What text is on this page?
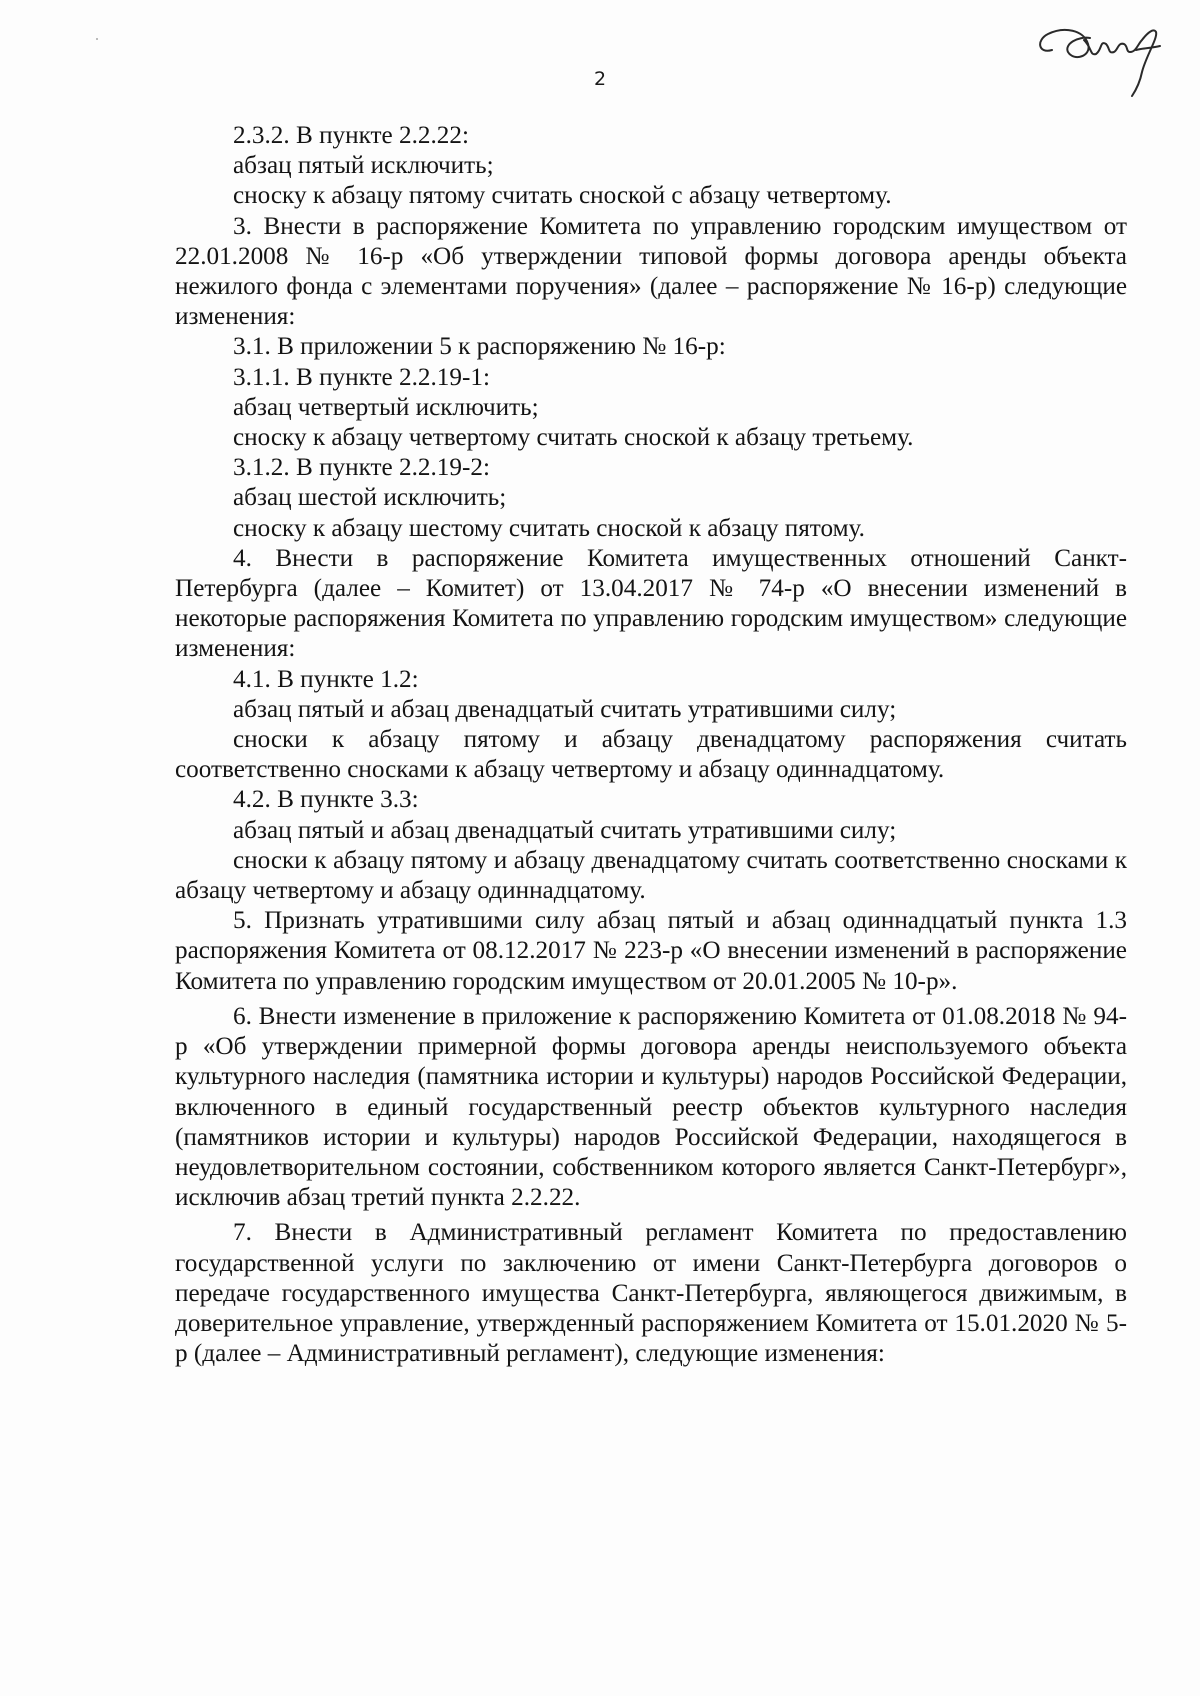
2

2.3.2. В пункте 2.2.22:

абзац пятый исключить;

сноску к абзацу пятому считать сноской с абзацу четвертому.

3. Внести в распоряжение Комитета по управлению городским имуществом от 22.01.2008 № 16-р «Об утверждении типовой формы договора аренды объекта нежилого фонда с элементами поручения» (далее – распоряжение № 16-р) следующие изменения:

3.1. В приложении 5 к распоряжению № 16-р:

3.1.1. В пункте 2.2.19-1:

абзац четвертый исключить;

сноску к абзацу четвертому считать сноской к абзацу третьему.

3.1.2. В пункте 2.2.19-2:

абзац шестой исключить;

сноску к абзацу шестому считать сноской к абзацу пятому.

4. Внести в распоряжение Комитета имущественных отношений Санкт-Петербурга (далее – Комитет) от 13.04.2017 № 74-р «О внесении изменений в некоторые распоряжения Комитета по управлению городским имуществом» следующие изменения:

4.1. В пункте 1.2:

абзац пятый и абзац двенадцатый считать утратившими силу;

сноски к абзацу пятому и абзацу двенадцатому распоряжения считать соответственно сносками к абзацу четвертому и абзацу одиннадцатому.

4.2. В пункте 3.3:

абзац пятый и абзац двенадцатый считать утратившими силу;

сноски к абзацу пятому и абзацу двенадцатому считать соответственно сносками к абзацу четвертому и абзацу одиннадцатому.

5. Признать утратившими силу абзац пятый и абзац одиннадцатый пункта 1.3 распоряжения Комитета от 08.12.2017 № 223-р «О внесении изменений в распоряжение Комитета по управлению городским имуществом от 20.01.2005 № 10-р».

6. Внести изменение в приложение к распоряжению Комитета от 01.08.2018 № 94-р «Об утверждении примерной формы договора аренды неиспользуемого объекта культурного наследия (памятника истории и культуры) народов Российской Федерации, включенного в единый государственный реестр объектов культурного наследия (памятников истории и культуры) народов Российской Федерации, находящегося в неудовлетворительном состоянии, собственником которого является Санкт-Петербург», исключив абзац третий пункта 2.2.22.

7. Внести в Административный регламент Комитета по предоставлению государственной услуги по заключению от имени Санкт-Петербурга договоров о передаче государственного имущества Санкт-Петербурга, являющегося движимым, в доверительное управление, утвержденный распоряжением Комитета от 15.01.2020 № 5-р (далее – Административный регламент), следующие изменения:
